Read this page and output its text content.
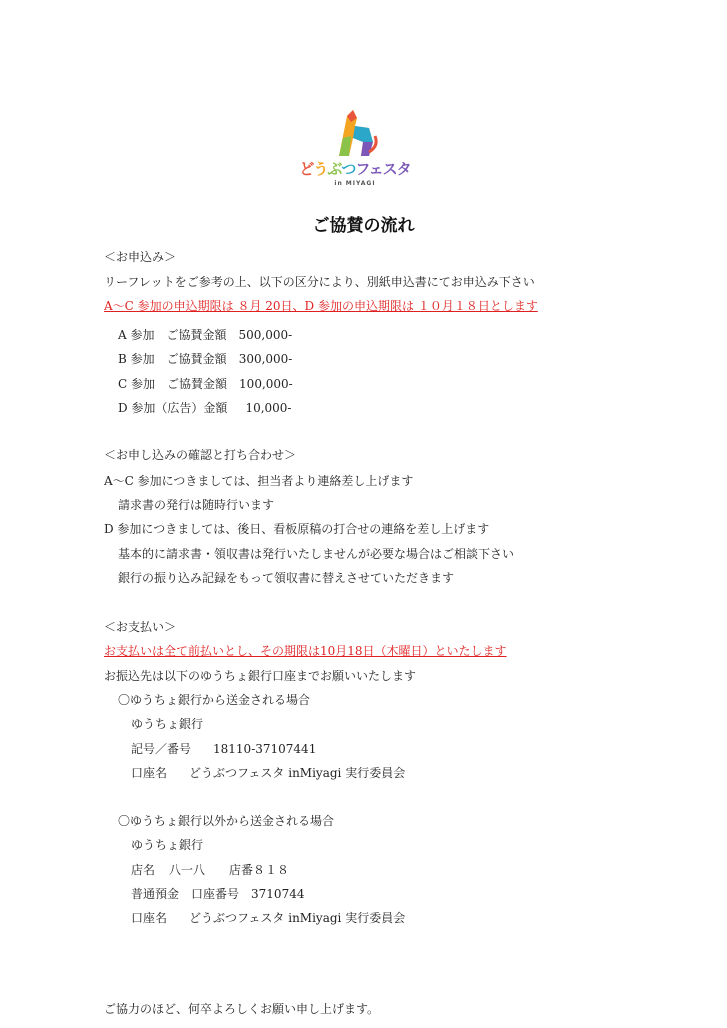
どうぶつフェスタ
in MIYAGI
ご協賛の流れ
＜お申込み＞
リーフレットをご参考の上、以下の区分により、別紙申込書にてお申込み下さい
A～C 参加の申込期限は ８月 20日、D 参加の申込期限は １０月１８日とします
A 参加　 ご協賛金額　 500,000-
B 参加　 ご協賛金額　 300,000-
C 参加　 ご協賛金額　 100,000-
D 参加（広告）金額 10,000-
＜お申し込みの確認と打ち合わせ＞
A～C 参加につきましては、担当者より連絡差し上げます
請求書の発行は随時行います
D 参加につきましては、後日、看板原稿の打合せの連絡を差し上げます
基本的に請求書・領収書は発行いたしませんが必要な場合はご相談下さい
銀行の振り込み記録をもって領収書に替えさせていただきます
＜お支払い＞
お支払いは全て前払いとし、その期限は10月18日（木曜日）といたします
お振込先は以下のゆうちょ銀行口座までお願いいたします
〇ゆうちょ銀行から送金される場合
ゆうちょ銀行
記号／番号 18110-37107441
口座名 どうぶつフェスタ inMiyagi 実行委員会
〇ゆうちょ銀行以外から送金される場合
ゆうちょ銀行
店名 八一八 店番８１８
普通預金 口座番号 3710744
口座名 どうぶつフェスタ inMiyagi 実行委員会
ご協力のほど、何卒よろしくお願い申し上げます。
